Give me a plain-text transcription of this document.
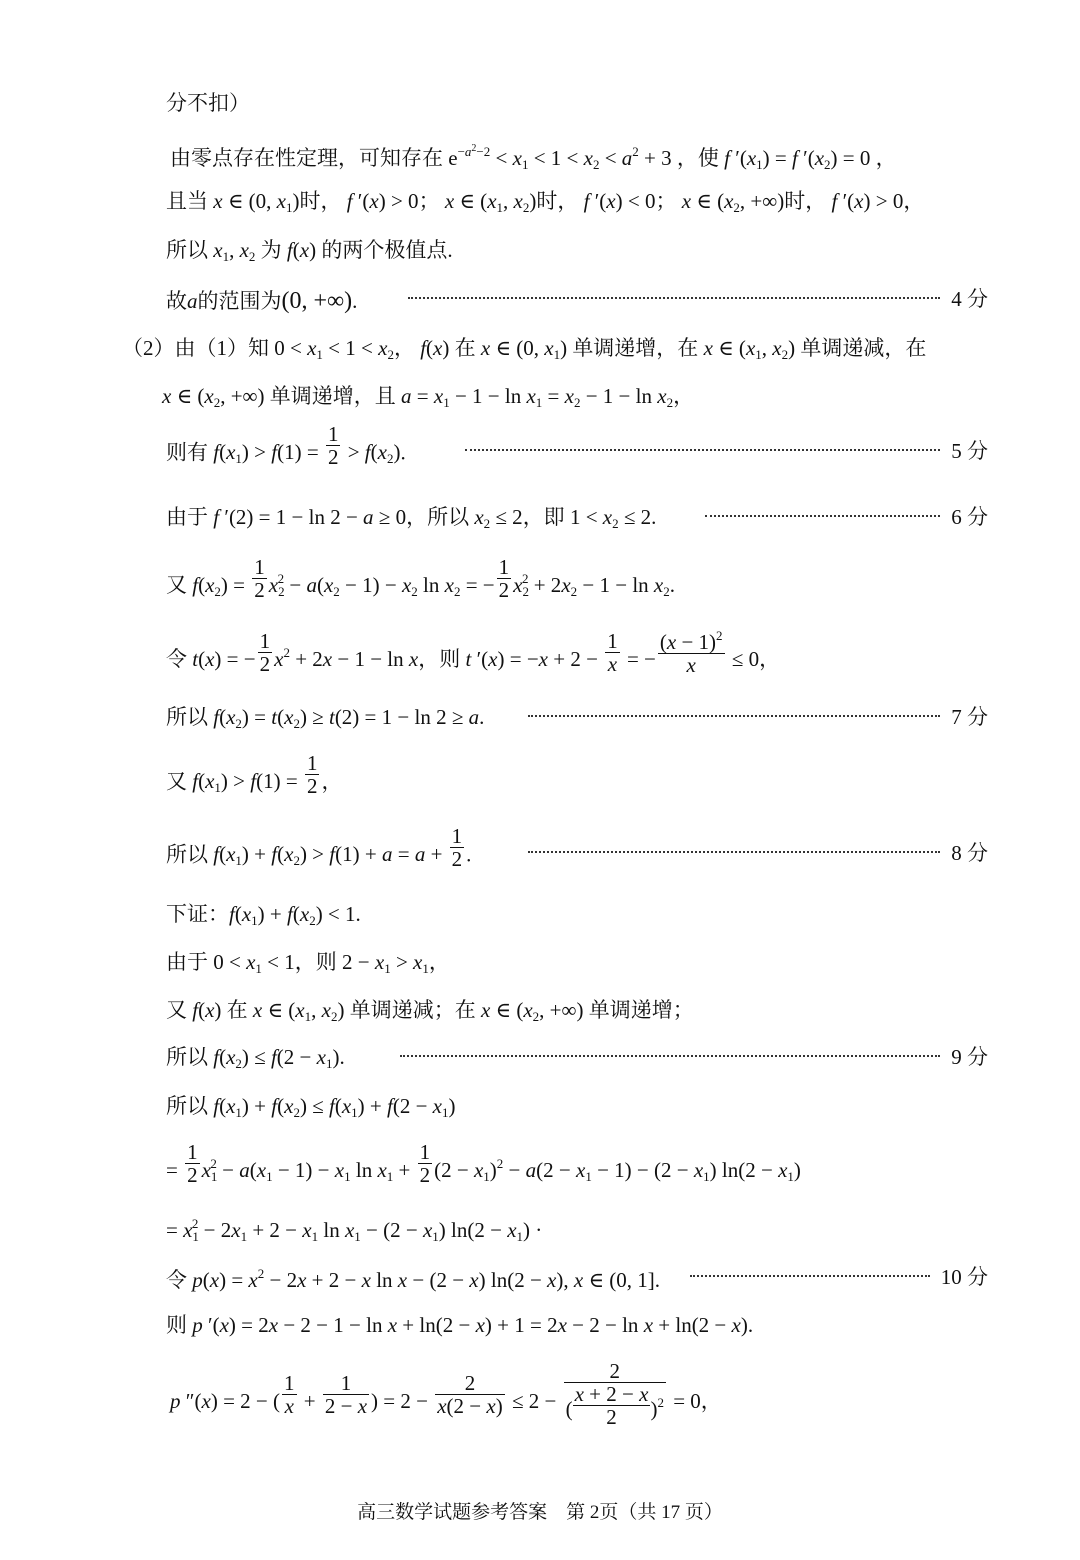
分不扣）
由零点存在性定理，可知存在 $e^{-a^2-2} < x_1 < 1 < x_2 < a^2 + 3$ ，使 f $'(x_1) = f$ $'(x_2) = 0$ ，
且当 x ∈ (0, $x_1$)时， f ′(x) > 0； x ∈ ($x_1$, $x_2$)时， f ′(x) < 0； x ∈ ($x_2$, +∞)时， f ′(x) > 0，
所以 $x_1$, $x_2$ 为 f(x) 的两个极值点.
故a的范围为(0, +∞).	4 分
（2）由（1）知 $0 < x_1 < 1 < x_2$， f(x) 在 x ∈ (0, $x_1$) 单调递增，在 x ∈ ($x_1$, $x_2$) 单调递减，在
x ∈ ($x_2$, +∞) 单调递增，且 $a = x_1 - 1 - \ln x_1 = x_2 - 1 - \ln x_2$，
则有 $f(x_1) > f(1) = \frac{1}{2} > f(x_2)$.	5 分
由于 f ′(2) = 1 − ln 2 − a ≥ 0，所以 $x_2 \le 2$，即 $1 < x_2 \le 2$.	6 分
又 $f(x_2) = \frac{1}{2} x_2^2 - a(x_2 - 1) - x_2$ $\ln x_2$ = − $\frac{1}{2} x_2^2 + 2x_2 - 1 - \ln x_2$.
令 t(x) = − $\frac{1}{2} x^2 + 2x - 1 - \ln x$，则 t $'(x) = -x + 2 - \frac{1}{x}$ = − $\frac{(x - 1)^2}{x} \le 0$，
所以 $f(x_2) = t(x_2) \ge t(2) = 1 - \ln 2 \ge a$.	7 分
又 $f(x_1) > f(1) = \frac{1}{2}$ ，
所以 $f(x_1) + f(x_2) > f(1) + a = a + \frac{1}{2}$ .	8 分
下证：$f(x_1) + f(x_2) < 1$.
由于 $0 < x_1 < 1$，则 $2 - x_1 > x_1$，
又 f(x) 在 x ∈ ($x_1$, $x_2$) 单调递减；在 x ∈ ($x_2$, +∞) 单调递增；
所以 $f(x_2) \le f(2 - x_1)$.	9 分
所以 $f(x_1) + f(x_2) \le f(x_1) + f(2 - x_1)$
= $\frac{1}{2} x_1^2 - a(x_1 - 1) - x_1$ $\ln x_1 + \frac{1}{2} (2 - x_1)^2 - a(2 - x_1 - 1) - (2 - x_1) \ln(2 - x_1)$
= $x_1^2 - 2x_1 + 2 - x_1$ $\ln x_1 - (2 - x_1) \ln(2 - x_1)$ ·
令 $p(x) = x^2 - 2x + 2 - x$ ln x − (2 − x) ln(2 − x), x ∈ (0, 1].	10 分
则 p ′(x) = 2x − 2 − 1 − ln x + ln(2 − x) + 1 = 2x − 2 − ln x + ln(2 − x).
p ″(x) = 2 − ( $\frac{1}{x} + \frac{1}{2 - x}$ ) = $2 - \frac{2}{x(2 - x)} \le 2 - \frac{2}{( \frac{x + 2 - x}{2} )^2} = 0$，
高三数学试题参考答案　第 2页（共 17 页）
